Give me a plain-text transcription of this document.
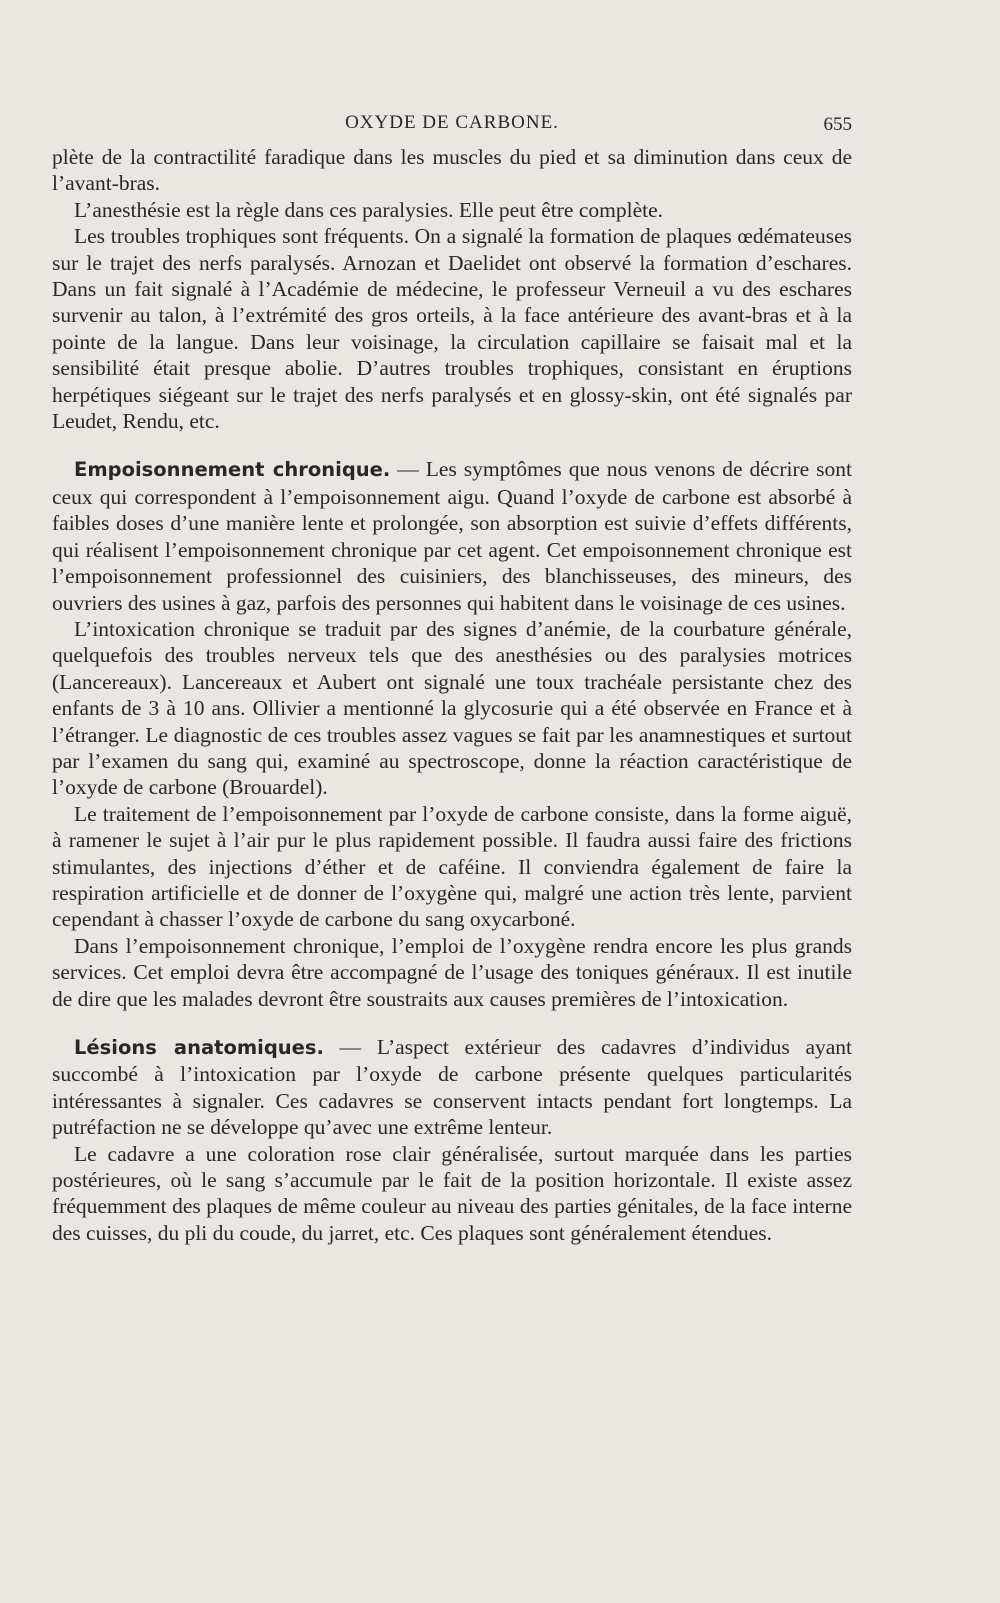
OXYDE DE CARBONE.	655

plète de la contractilité faradique dans les muscles du pied et sa diminution dans ceux de l’avant-bras.

L’anesthésie est la règle dans ces paralysies. Elle peut être complète.

Les troubles trophiques sont fréquents. On a signalé la formation de plaques œdémateuses sur le trajet des nerfs paralysés. Arnozan et Daelidet ont observé la formation d’eschares. Dans un fait signalé à l’Académie de médecine, le professeur Verneuil a vu des eschares survenir au talon, à l’extrémité des gros orteils, à la face antérieure des avant-bras et à la pointe de la langue. Dans leur voisinage, la circulation capillaire se faisait mal et la sensibilité était presque abolie. D’autres troubles trophiques, consistant en éruptions herpétiques siégeant sur le trajet des nerfs paralysés et en glossy-skin, ont été signalés par Leudet, Rendu, etc.

Empoisonnement chronique. — Les symptômes que nous venons de décrire sont ceux qui correspondent à l’empoisonnement aigu. Quand l’oxyde de carbone est absorbé à faibles doses d’une manière lente et prolongée, son absorption est suivie d’effets différents, qui réalisent l’empoisonnement chronique par cet agent. Cet empoisonnement chronique est l’empoisonnement professionnel des cuisiniers, des blanchisseuses, des mineurs, des ouvriers des usines à gaz, parfois des personnes qui habitent dans le voisinage de ces usines.

L’intoxication chronique se traduit par des signes d’anémie, de la courbature générale, quelquefois des troubles nerveux tels que des anesthésies ou des paralysies motrices (Lancereaux). Lancereaux et Aubert ont signalé une toux trachéale persistante chez des enfants de 3 à 10 ans. Ollivier a mentionné la glycosurie qui a été observée en France et à l’étranger. Le diagnostic de ces troubles assez vagues se fait par les anamnestiques et surtout par l’examen du sang qui, examiné au spectroscope, donne la réaction caractéristique de l’oxyde de carbone (Brouardel).

Le traitement de l’empoisonnement par l’oxyde de carbone consiste, dans la forme aiguë, à ramener le sujet à l’air pur le plus rapidement possible. Il faudra aussi faire des frictions stimulantes, des injections d’éther et de caféine. Il conviendra également de faire la respiration artificielle et de donner de l’oxygène qui, malgré une action très lente, parvient cependant à chasser l’oxyde de carbone du sang oxycarboné.

Dans l’empoisonnement chronique, l’emploi de l’oxygène rendra encore les plus grands services. Cet emploi devra être accompagné de l’usage des toniques généraux. Il est inutile de dire que les malades devront être soustraits aux causes premières de l’intoxication.

Lésions anatomiques. — L’aspect extérieur des cadavres d’individus ayant succombé à l’intoxication par l’oxyde de carbone présente quelques particularités intéressantes à signaler. Ces cadavres se conservent intacts pendant fort longtemps. La putréfaction ne se développe qu’avec une extrême lenteur.

Le cadavre a une coloration rose clair généralisée, surtout marquée dans les parties postérieures, où le sang s’accumule par le fait de la position horizontale. Il existe assez fréquemment des plaques de même couleur au niveau des parties génitales, de la face interne des cuisses, du pli du coude, du jarret, etc. Ces plaques sont généralement étendues.
